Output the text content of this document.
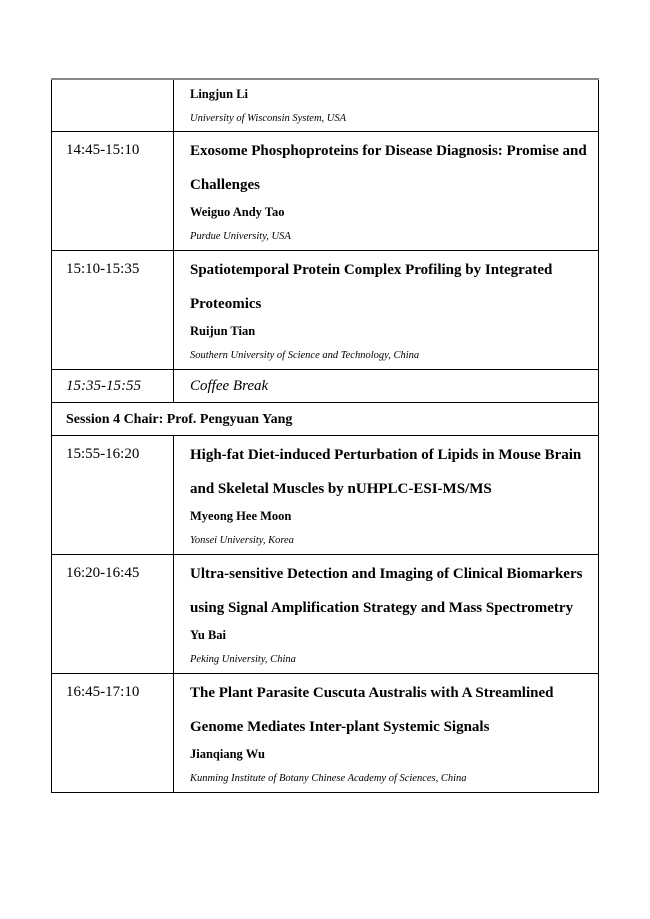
	Lingjun Li
University of Wisconsin System, USA

14:45-15:10	Exosome Phosphoproteins for Disease Diagnosis: Promise and
Challenges
Weiguo Andy Tao
Purdue University, USA

15:10-15:35	Spatiotemporal Protein Complex Profiling by Integrated
Proteomics
Ruijun Tian
Southern University of Science and Technology, China

15:35-15:55	Coffee Break

Session 4 Chair: Prof. Pengyuan Yang	

15:55-16:20	High-fat Diet-induced Perturbation of Lipids in Mouse Brain
and Skeletal Muscles by nUHPLC-ESI-MS/MS
Myeong Hee Moon
Yonsei University, Korea

16:20-16:45	Ultra-sensitive Detection and Imaging of Clinical Biomarkers
using Signal Amplification Strategy and Mass Spectrometry
Yu Bai
Peking University, China

16:45-17:10	The Plant Parasite Cuscuta Australis with A Streamlined
Genome Mediates Inter-plant Systemic Signals
Jianqiang Wu
Kunming Institute of Botany Chinese Academy of Sciences, China
